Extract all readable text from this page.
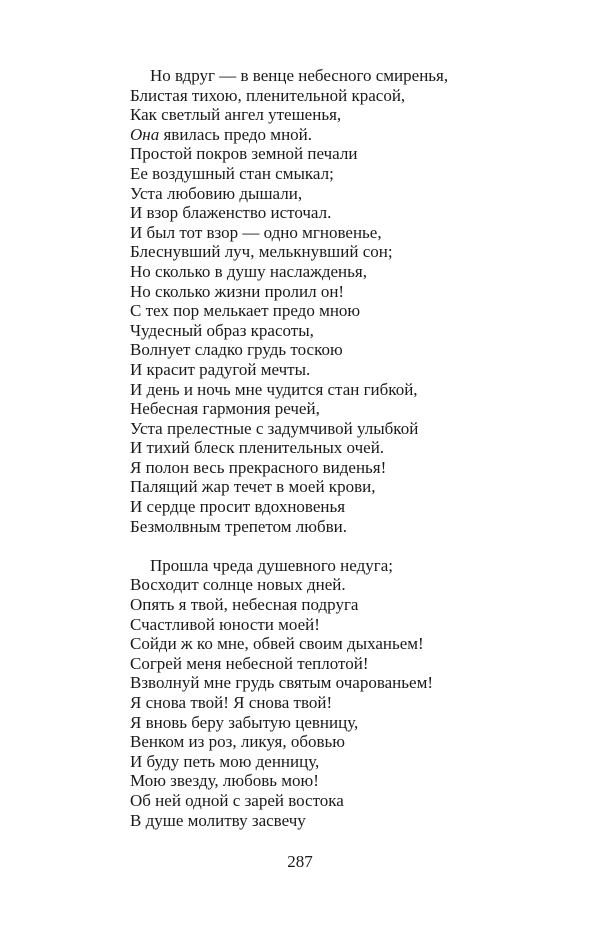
Но вдруг — в венце небесного смиренья,
Блистая тихою, пленительной красой,
Как светлый ангел утешенья,
Она явилась предо мной.
Простой покров земной печали
Ее воздушный стан смыкал;
Уста любовию дышали,
И взор блаженство источал.
И был тот взор — одно мгновенье,
Блеснувший луч, мелькнувший сон;
Но сколько в душу наслажденья,
Но сколько жизни пролил он!
С тех пор мелькает предо мною
Чудесный образ красоты,
Волнует сладко грудь тоскою
И красит радугой мечты.
И день и ночь мне чудится стан гибкой,
Небесная гармония речей,
Уста прелестные с задумчивой улыбкой
И тихий блеск пленительных очей.
Я полон весь прекрасного виденья!
Палящий жар течет в моей крови,
И сердце просит вдохновенья
Безмолвным трепетом любви.
Прошла чреда душевного недуга;
Восходит солнце новых дней.
Опять я твой, небесная подруга
Счастливой юности моей!
Сойди ж ко мне, обвей своим дыханьем!
Согрей меня небесной теплотой!
Взволнуй мне грудь святым очарованьем!
Я снова твой! Я снова твой!
Я вновь беру забытую цевницу,
Венком из роз, ликуя, обовью
И буду петь мою денницу,
Мою звезду, любовь мою!
Об ней одной с зарей востока
В душе молитву засвечу
287
